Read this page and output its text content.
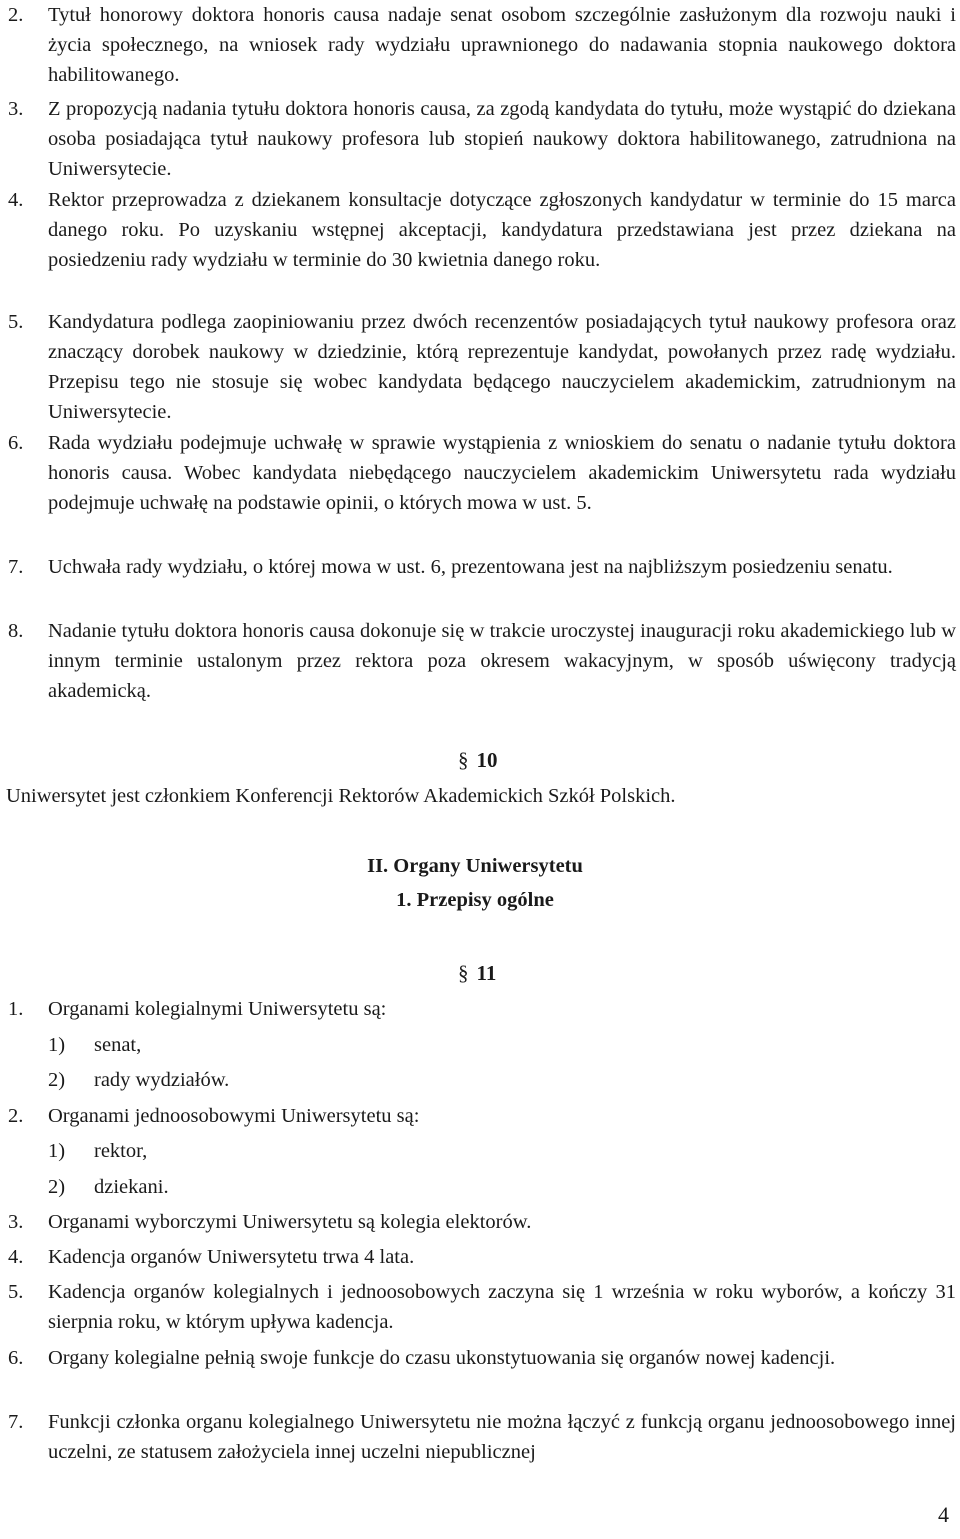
2.	Tytuł honorowy doktora honoris causa nadaje senat osobom szczególnie zasłużonym dla rozwoju nauki i życia społecznego, na wniosek rady wydziału uprawnionego do nadawania stopnia naukowego doktora habilitowanego.
3.	Z propozycją nadania tytułu doktora honoris causa, za zgodą kandydata do tytułu, może wystąpić do dziekana osoba posiadająca tytuł naukowy profesora lub stopień naukowy doktora habilitowanego, zatrudniona na Uniwersytecie.
4.	Rektor przeprowadza z dziekanem konsultacje dotyczące zgłoszonych kandydatur w terminie do 15 marca danego roku. Po uzyskaniu wstępnej akceptacji, kandydatura przedstawiana jest przez dziekana na posiedzeniu rady wydziału w terminie do 30 kwietnia danego roku.
5.	Kandydatura podlega zaopiniowaniu przez dwóch recenzentów posiadających tytuł naukowy profesora oraz znaczący dorobek naukowy w dziedzinie, którą reprezentuje kandydat, powołanych przez radę wydziału. Przepisu tego nie stosuje się wobec kandydata będącego nauczycielem akademickim, zatrudnionym na Uniwersytecie.
6.	Rada wydziału podejmuje uchwałę w sprawie wystąpienia z wnioskiem do senatu o nadanie tytułu doktora honoris causa. Wobec kandydata niebędącego nauczycielem akademickim Uniwersytetu rada wydziału podejmuje uchwałę na podstawie opinii, o których mowa w ust. 5.
7.	Uchwała rady wydziału, o której mowa w ust. 6, prezentowana jest na najbliższym posiedzeniu senatu.
8.	Nadanie tytułu doktora honoris causa dokonuje się w trakcie uroczystej inauguracji roku akademickiego lub w innym terminie ustalonym przez rektora poza okresem wakacyjnym, w sposób uświęcony tradycją akademicką.
§ 10
Uniwersytet jest członkiem Konferencji Rektorów Akademickich Szkół Polskich.
II. Organy Uniwersytetu
1. Przepisy ogólne
§ 11
1.	Organami kolegialnymi Uniwersytetu są:
1)	senat,
2)	rady wydziałów.
2.	Organami jednoosobowymi Uniwersytetu są:
1)	rektor,
2)	dziekani.
3.	Organami wyborczymi Uniwersytetu są kolegia elektorów.
4.	Kadencja organów Uniwersytetu trwa 4 lata.
5.	Kadencja organów kolegialnych i jednoosobowych zaczyna się 1 września w roku wyborów, a kończy 31 sierpnia roku, w którym upływa kadencja.
6.	Organy kolegialne pełnią swoje funkcje do czasu ukonstytuowania się organów nowej kadencji.
7.	Funkcji członka organu kolegialnego Uniwersytetu nie można łączyć z funkcją organu jednoosobowego innej uczelni, ze statusem założyciela innej uczelni niepublicznej
4
